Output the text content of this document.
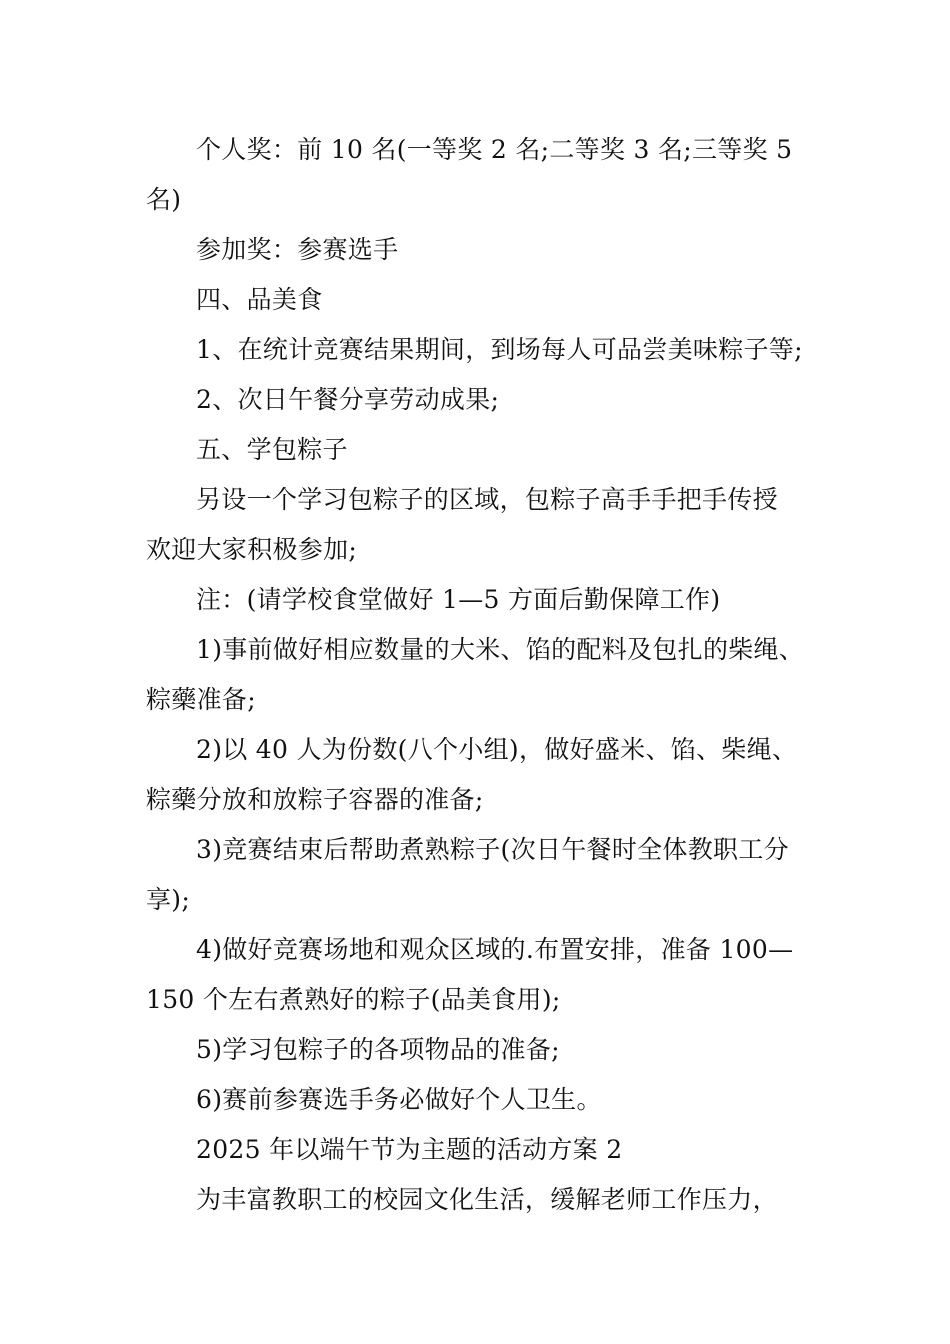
个人奖：前 10 名(一等奖 2 名;二等奖 3 名;三等奖 5
名)

参加奖：参赛选手

四、品美食

1、在统计竞赛结果期间，到场每人可品尝美味粽子等;

2、次日午餐分享劳动成果;

五、学包粽子

另设一个学习包粽子的区域，包粽子高手手把手传授
欢迎大家积极参加;

注：(请学校食堂做好 1—5 方面后勤保障工作)

1)事前做好相应数量的大米、馅的配料及包扎的柴绳、
粽藥准备;

2)以 40 人为份数(八个小组)，做好盛米、馅、柴绳、
粽藥分放和放粽子容器的准备;

3)竞赛结束后帮助煮熟粽子(次日午餐时全体教职工分
享);

4)做好竞赛场地和观众区域的.布置安排，准备 100—
150 个左右煮熟好的粽子(品美食用);

5)学习包粽子的各项物品的准备;

6)赛前参赛选手务必做好个人卫生。

2025 年以端午节为主题的活动方案 2

为丰富教职工的校园文化生活，缓解老师工作压力，
